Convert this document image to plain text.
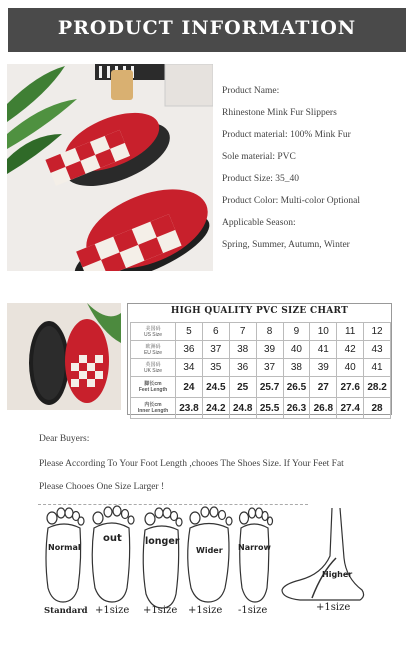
PRODUCT INFORMATION
Product Name:
Rhinestone Mink Fur Slippers
Product material: 100% Mink Fur
Sole material: PVC
Product Size: 35_40
Product Color: Multi-color Optional
Applicable Season:
Spring, Summer, Autumn, Winter
HIGH QUALITY PVC SIZE CHART
美国码
US Size	5	6	7	8	9	10	11	12

欧洲码
EU Size	36	37	38	39	40	41	42	43

英国码
UK Size	34	35	36	37	38	39	40	41

脚长cm
Feet Length	24	24.5	25	25.7	26.5	27	27.6	28.2

内长cm
Inner Length	23.8	24.2	24.8	25.5	26.3	26.8	27.4	28
Dear Buyers:
Please According To Your Foot Length ,chooes The Shoes Size. If Your Feet Fat
Please Chooes One Size Larger !
Normal
out longer
Wider Narrow
Higher
Standard +1size +1size +1size -1size	+1size
